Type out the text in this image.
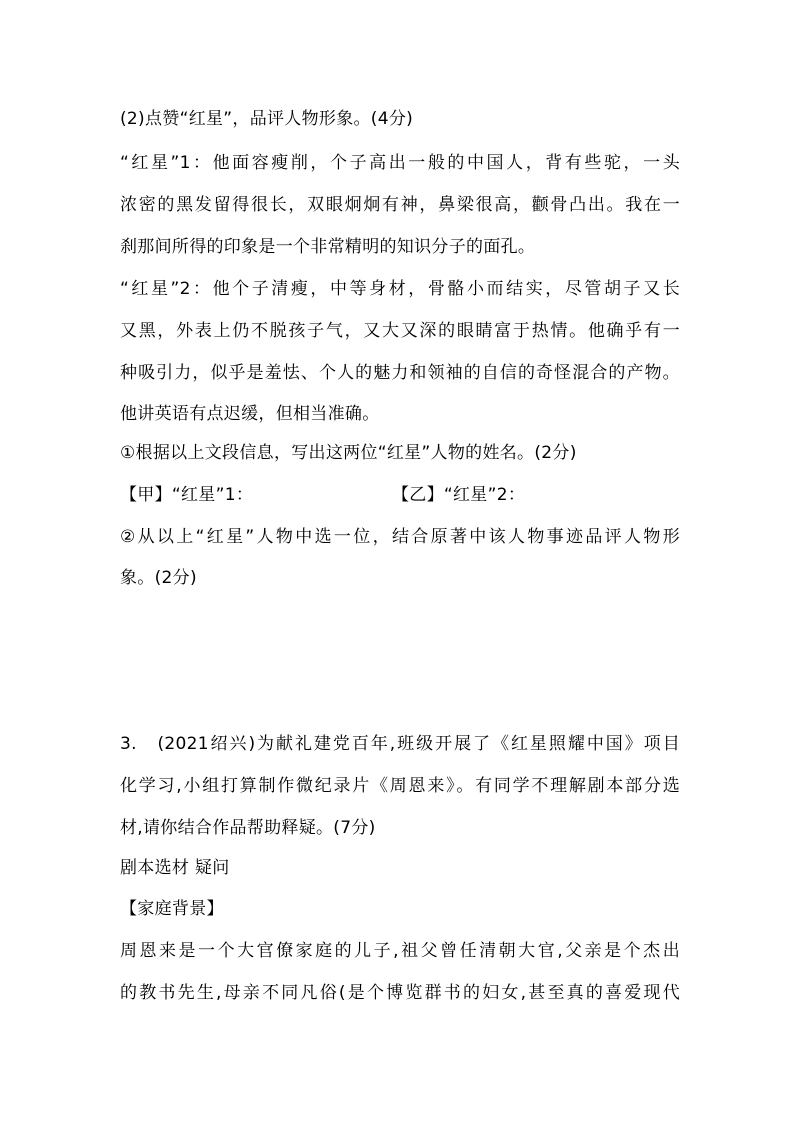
(2)点赞“红星”，品评人物形象。(4分)
“红星”1：他面容瘦削，个子高出一般的中国人，背有些驼，一头
浓密的黑发留得很长，双眼炯炯有神，鼻梁很高，颧骨凸出。我在一
刹那间所得的印象是一个非常精明的知识分子的面孔。
“红星”2：他个子清瘦，中等身材，骨骼小而结实，尽管胡子又长
又黑，外表上仍不脱孩子气，又大又深的眼睛富于热情。他确乎有一
种吸引力，似乎是羞怯、个人的魅力和领袖的自信的奇怪混合的产物。
他讲英语有点迟缓，但相当准确。
①根据以上文段信息，写出这两位“红星”人物的姓名。(2分)
【甲】“红星”1：	【乙】“红星”2：
②从以上“红星”人物中选一位，结合原著中该人物事迹品评人物形
象。(2分)
3.　(2021绍兴)为献礼建党百年,班级开展了《红星照耀中国》项目
化学习,小组打算制作微纪录片《周恩来》。有同学不理解剧本部分选
材,请你结合作品帮助释疑。(7分)
剧本选材 疑问
【家庭背景】
周恩来是一个大官僚家庭的儿子,祖父曾任清朝大官,父亲是个杰出
的教书先生,母亲不同凡俗(是个博览群书的妇女,甚至真的喜爱现代
